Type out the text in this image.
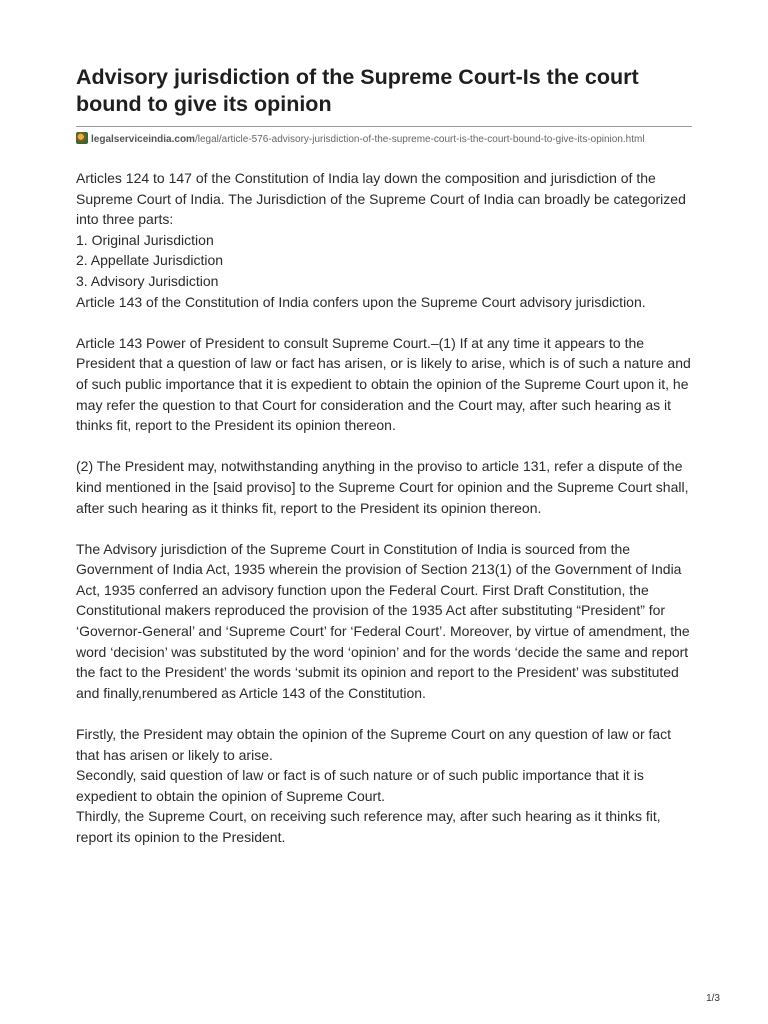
Advisory jurisdiction of the Supreme Court-Is the court bound to give its opinion
legalserviceindia.com/legal/article-576-advisory-jurisdiction-of-the-supreme-court-is-the-court-bound-to-give-its-opinion.html

Articles 124 to 147 of the Constitution of India lay down the composition and jurisdiction of the Supreme Court of India. The Jurisdiction of the Supreme Court of India can broadly be categorized into three parts:

1. Original Jurisdiction

2. Appellate Jurisdiction

3. Advisory Jurisdiction

Article 143 of the Constitution of India confers upon the Supreme Court advisory jurisdiction.

Article 143 Power of President to consult Supreme Court.–(1) If at any time it appears to the President that a question of law or fact has arisen, or is likely to arise, which is of such a nature and of such public importance that it is expedient to obtain the opinion of the Supreme Court upon it, he may refer the question to that Court for consideration and the Court may, after such hearing as it thinks fit, report to the President its opinion thereon.

(2) The President may, notwithstanding anything in the proviso to article 131, refer a dispute of the kind mentioned in the [said proviso] to the Supreme Court for opinion and the Supreme Court shall, after such hearing as it thinks fit, report to the President its opinion thereon.

The Advisory jurisdiction of the Supreme Court in Constitution of India is sourced from the Government of India Act, 1935 wherein the provision of Section 213(1) of the Government of India Act, 1935 conferred an advisory function upon the Federal Court. First Draft Constitution, the Constitutional makers reproduced the provision of the 1935 Act after substituting “President” for ‘Governor-General’ and ‘Supreme Court’ for ‘Federal Court’. Moreover, by virtue of amendment, the word ‘decision’ was substituted by the word ‘opinion’ and for the words ‘decide the same and report the fact to the President’ the words ‘submit its opinion and report to the President’ was substituted and finally,renumbered as Article 143 of the Constitution.

Firstly, the President may obtain the opinion of the Supreme Court on any question of law or fact that has arisen or likely to arise.

Secondly, said question of law or fact is of such nature or of such public importance that it is expedient to obtain the opinion of Supreme Court.

Thirdly, the Supreme Court, on receiving such reference may, after such hearing as it thinks fit, report its opinion to the President.

1/3
